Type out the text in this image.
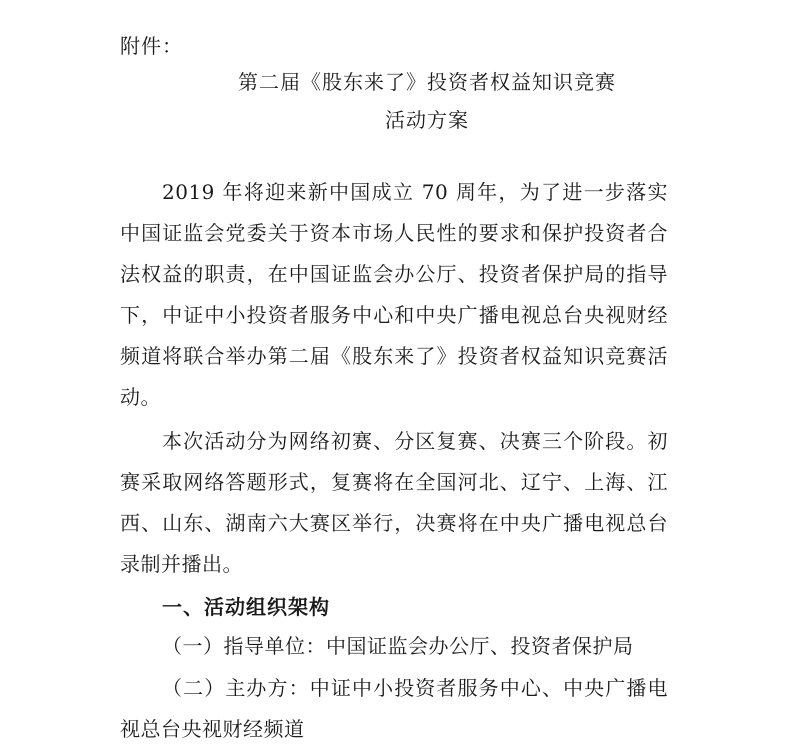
附件：
第二届《股东来了》投资者权益知识竞赛
活动方案

2019 年将迎来新中国成立 70 周年，为了进一步落实中国证监会党委关于资本市场人民性的要求和保护投资者合法权益的职责，在中国证监会办公厅、投资者保护局的指导下，中证中小投资者服务中心和中央广播电视总台央视财经频道将联合举办第二届《股东来了》投资者权益知识竞赛活动。

本次活动分为网络初赛、分区复赛、决赛三个阶段。初赛采取网络答题形式，复赛将在全国河北、辽宁、上海、江西、山东、湖南六大赛区举行，决赛将在中央广播电视总台录制并播出。

一、活动组织架构

（一）指导单位：中国证监会办公厅、投资者保护局

（二）主办方：中证中小投资者服务中心、中央广播电视总台央视财经频道
